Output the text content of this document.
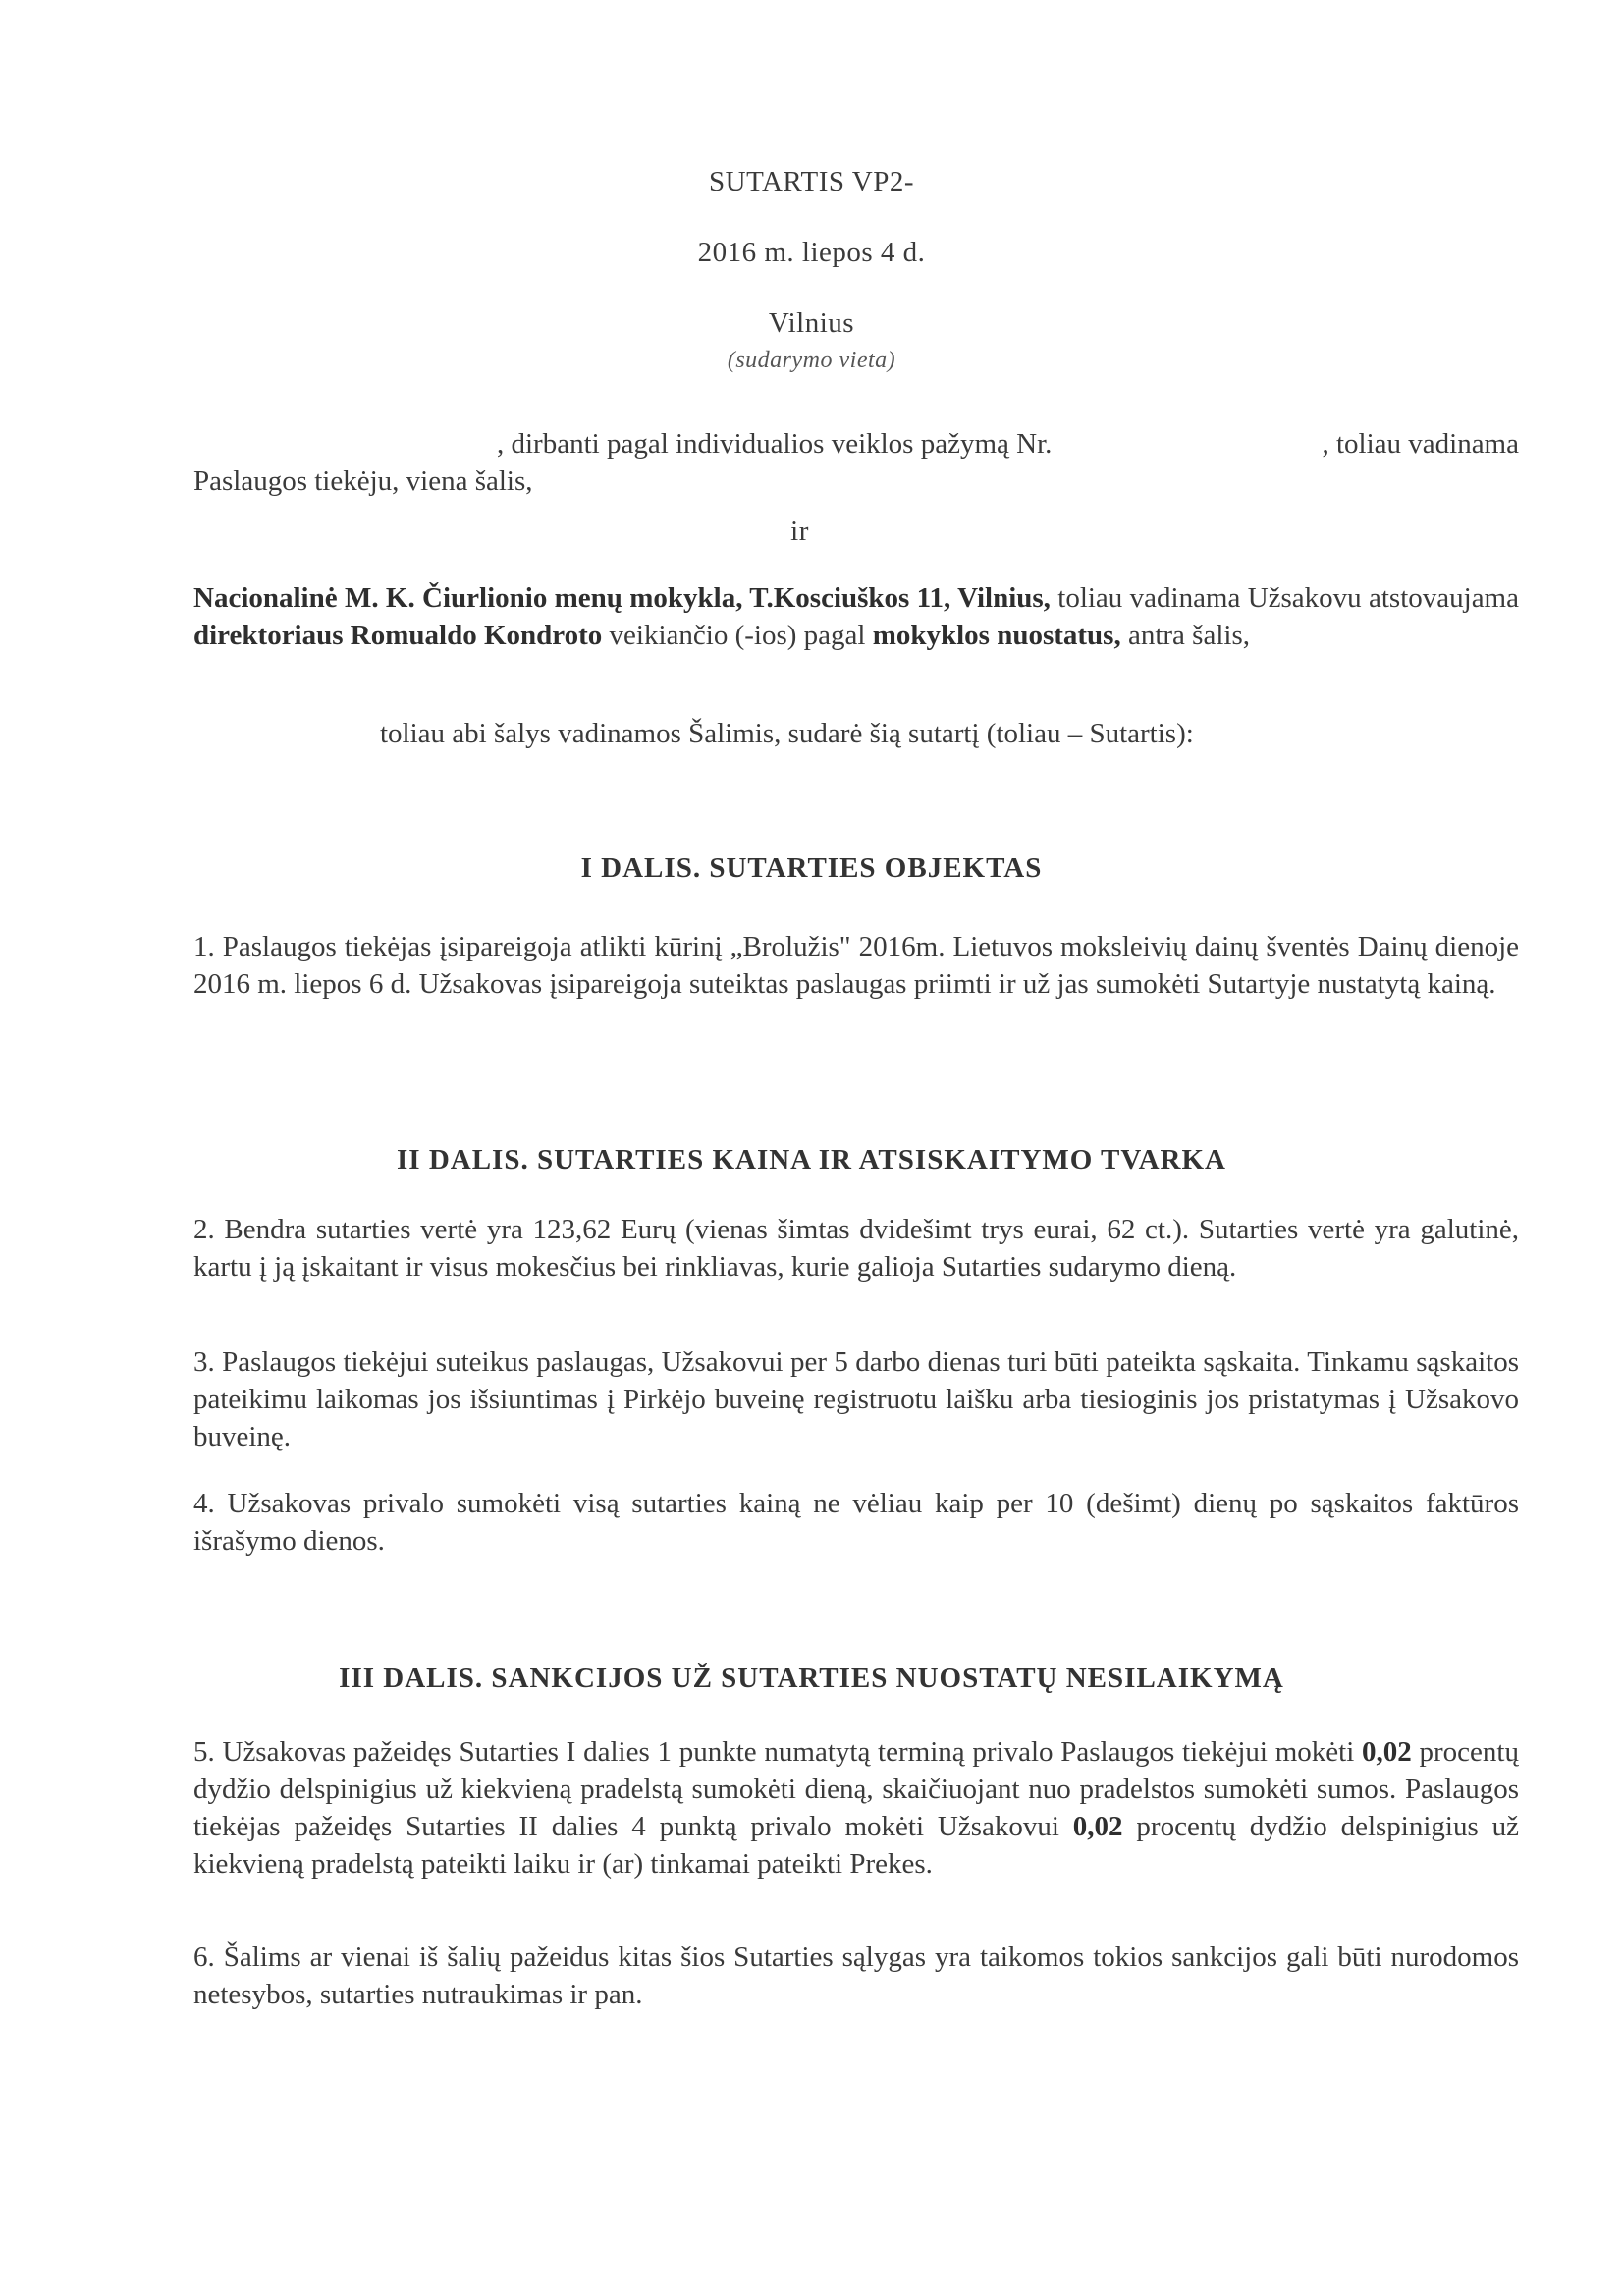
SUTARTIS VP2-
2016 m. liepos 4 d.
Vilnius
(sudarymo vieta)
, dirbanti pagal individualios veiklos pažymą Nr.	, toliau vadinama
Paslaugos tiekėju, viena šalis,
ir
Nacionalinė M. K. Čiurlionio menų mokykla, T.Kosciuškos 11, Vilnius, toliau vadinama Užsakovu atstovaujama direktoriaus Romualdo Kondroto veikiančio (-ios) pagal mokyklos nuostatus, antra šalis,
toliau abi šalys vadinamos Šalimis, sudarė šią sutartį (toliau – Sutartis):
I DALIS. SUTARTIES OBJEKTAS
1. Paslaugos tiekėjas įsipareigoja atlikti kūrinį „Brolužis" 2016m. Lietuvos moksleivių dainų šventės Dainų dienoje 2016 m. liepos 6 d. Užsakovas įsipareigoja suteiktas paslaugas priimti ir už jas sumokėti Sutartyje nustatytą kainą.
II DALIS. SUTARTIES KAINA IR ATSISKAITYMO TVARKA
2. Bendra sutarties vertė yra 123,62 Eurų (vienas šimtas dvidešimt trys eurai, 62 ct.). Sutarties vertė yra galutinė, kartu į ją įskaitant ir visus mokesčius bei rinkliavas, kurie galioja Sutarties sudarymo dieną.
3. Paslaugos tiekėjui suteikus paslaugas, Užsakovui per 5 darbo dienas turi būti pateikta sąskaita. Tinkamu sąskaitos pateikimu laikomas jos išsiuntimas į Pirkėjo buveinę registruotu laišku arba tiesioginis jos pristatymas į Užsakovo buveinę.
4. Užsakovas privalo sumokėti visą sutarties kainą ne vėliau kaip per 10 (dešimt) dienų po sąskaitos faktūros išrašymo dienos.
III DALIS. SANKCIJOS UŽ SUTARTIES NUOSTATŲ NESILAIKYMĄ
5. Užsakovas pažeidęs Sutarties I dalies 1 punkte numatytą terminą privalo Paslaugos tiekėjui mokėti 0,02 procentų dydžio delspinigius už kiekvieną pradelstą sumokėti dieną, skaičiuojant nuo pradelstos sumokėti sumos. Paslaugos tiekėjas pažeidęs Sutarties II dalies 4 punktą privalo mokėti Užsakovui 0,02 procentų dydžio delspinigius už kiekvieną pradelstą pateikti laiku ir (ar) tinkamai pateikti Prekes.
6. Šalims ar vienai iš šalių pažeidus kitas šios Sutarties sąlygas yra taikomos tokios sankcijos gali būti nurodomos netesybos, sutarties nutraukimas ir pan.
